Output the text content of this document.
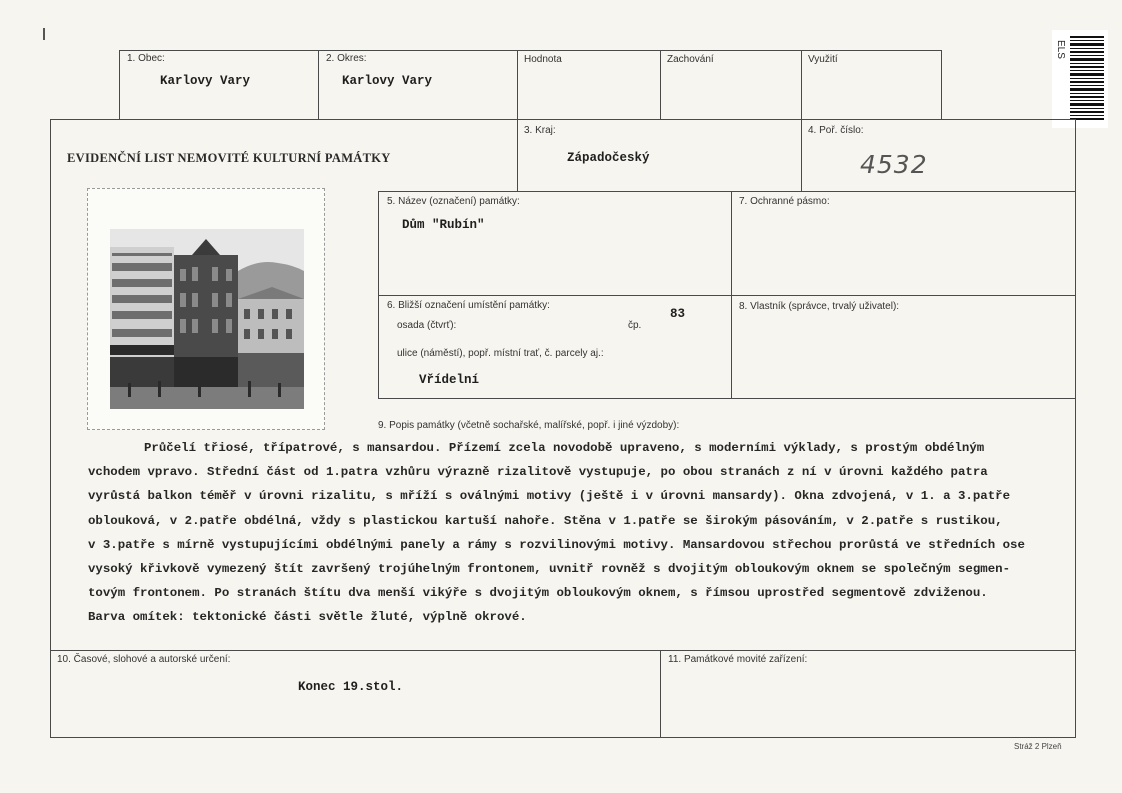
ELS
1. Obec:
Karlovy Vary
2. Okres:
Karlovy Vary
Hodnota	Zachování	Využití
EVIDENČNÍ LIST NEMOVITÉ KULTURNÍ PAMÁTKY
3. Kraj:
Západočeský
4. Poř. číslo:
4532
5. Název (označení) památky:
Dům "Rubín"
7. Ochranné pásmo:
6. Bližší označení umístění památky:
osada (čtvrť):	čp.
83
ulice (náměstí), popř. místní trať, č. parcely aj.:
Vřídelní
8. Vlastník (správce, trvalý uživatel):
9. Popis památky (včetně sochařské, malířské, popř. i jiné výzdoby):
Průčelí třiosé, třípatrové, s mansardou. Přízemí zcela novodobě upraveno, s moderními výklady, s prostým obdélným
vchodem vpravo. Střední část od 1.patra vzhůru výrazně rizalitově vystupuje, po obou stranách z ní v úrovni každého patra
vyrůstá balkon téměř v úrovni rizalitu, s mříží s oválnými motivy (ještě i v úrovni mansardy). Okna zdvojená, v 1. a 3.patře
oblouková, v 2.patře obdélná, vždy s plastickou kartuší nahoře. Stěna v 1.patře se širokým pásováním, v 2.patře s rustikou,
v 3.patře s mírně vystupujícími obdélnými panely a rámy s rozvilinovými motivy. Mansardovou střechou prorůstá ve středních ose
vysoký křivkově vymezený štít završený trojúhelným frontonem, uvnitř rovněž s dvojitým obloukovým oknem se společným segmen-
tovým frontonem. Po stranách štítu dva menší vikýře s dvojitým obloukovým oknem, s římsou uprostřed segmentově zdviženou.
Barva omítek: tektonické části světle žluté, výplně okrové.
10. Časové, slohové a autorské určení:
Konec 19.stol.
11. Památkové movité zařízení:
Stráž 2 Plzeň
